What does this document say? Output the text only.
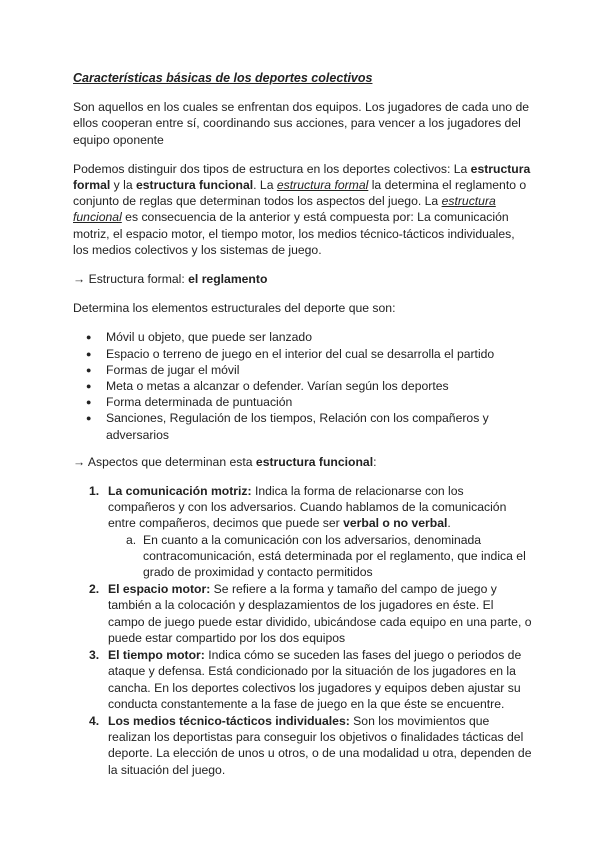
Características básicas de los deportes colectivos

Son aquellos en los cuales se enfrentan dos equipos. Los jugadores de cada uno de ellos cooperan entre sí, coordinando sus acciones, para vencer a los jugadores del equipo oponente

Podemos distinguir dos tipos de estructura en los deportes colectivos: La estructura formal y la estructura funcional. La estructura formal la determina el reglamento o conjunto de reglas que determinan todos los aspectos del juego. La estructura funcional es consecuencia de la anterior y está compuesta por: La comunicación motriz, el espacio motor, el tiempo motor, los medios técnico-tácticos individuales, los medios colectivos y los sistemas de juego.

→ Estructura formal: el reglamento

Determina los elementos estructurales del deporte que son:

● Móvil u objeto, que puede ser lanzado
● Espacio o terreno de juego en el interior del cual se desarrolla el partido
● Formas de jugar el móvil
● Meta o metas a alcanzar o defender. Varían según los deportes
● Forma determinada de puntuación
● Sanciones, Regulación de los tiempos, Relación con los compañeros y adversarios

→ Aspectos que determinan esta estructura funcional:

1. La comunicación motriz: Indica la forma de relacionarse con los compañeros y con los adversarios. Cuando hablamos de la comunicación entre compañeros, decimos que puede ser verbal o no verbal.
a. En cuanto a la comunicación con los adversarios, denominada contracomunicación, está determinada por el reglamento, que indica el grado de proximidad y contacto permitidos
2. El espacio motor: Se refiere a la forma y tamaño del campo de juego y también a la colocación y desplazamientos de los jugadores en éste. El campo de juego puede estar dividido, ubicándose cada equipo en una parte, o puede estar compartido por los dos equipos
3. El tiempo motor: Indica cómo se suceden las fases del juego o periodos de ataque y defensa. Está condicionado por la situación de los jugadores en la cancha. En los deportes colectivos los jugadores y equipos deben ajustar su conducta constantemente a la fase de juego en la que éste se encuentre.
4. Los medios técnico-tácticos individuales: Son los movimientos que realizan los deportistas para conseguir los objetivos o finalidades tácticas del deporte. La elección de unos u otros, o de una modalidad u otra, dependen de la situación del juego.
